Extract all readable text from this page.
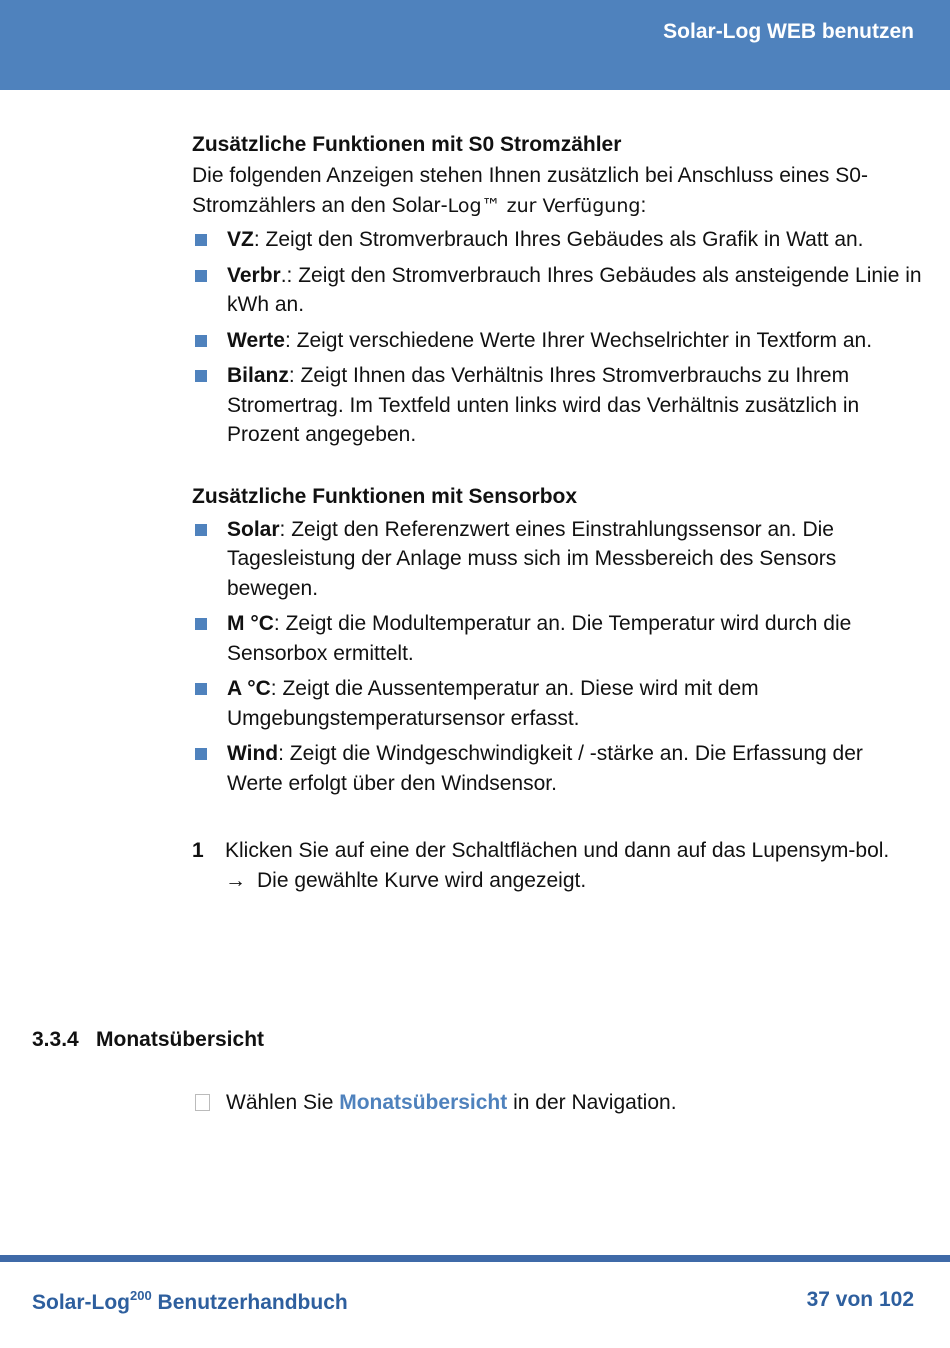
Solar-Log WEB benutzen
Zusätzliche Funktionen mit S0 Stromzähler

Die folgenden Anzeigen stehen Ihnen zusätzlich bei Anschluss eines S0-Stromzählers an den Solar-Log™ zur Verfügung:

VZ: Zeigt den Stromverbrauch Ihres Gebäudes als Grafik in Watt an.
Verbr.: Zeigt den Stromverbrauch Ihres Gebäudes als ansteigende Linie in kWh an.
Werte: Zeigt verschiedene Werte Ihrer Wechselrichter in Textform an.
Bilanz: Zeigt Ihnen das Verhältnis Ihres Stromverbrauchs zu Ihrem Stromertrag. Im Textfeld unten links wird das Verhältnis zusätzlich in Prozent angegeben.
Zusätzliche Funktionen mit Sensorbox
Solar: Zeigt den Referenzwert eines Einstrahlungssensor an. Die Tagesleistung der Anlage muss sich im Messbereich des Sensors bewegen.
M °C: Zeigt die Modultemperatur an. Die Temperatur wird durch die Sensorbox ermittelt.
A °C: Zeigt die Aussentemperatur an. Diese wird mit dem Umgebungstemperatursensor erfasst.
Wind: Zeigt die Windgeschwindigkeit / -stärke an. Die Erfassung der Werte erfolgt über den Windsensor.
1 Klicken Sie auf eine der Schaltflächen und dann auf das Lupensym-bol.
→ Die gewählte Kurve wird angezeigt.
3.3.4 Monatsübersicht
Wählen Sie Monatsübersicht in der Navigation.
Solar-Log$^{200}$ Benutzerhandbuch	37 von 102
